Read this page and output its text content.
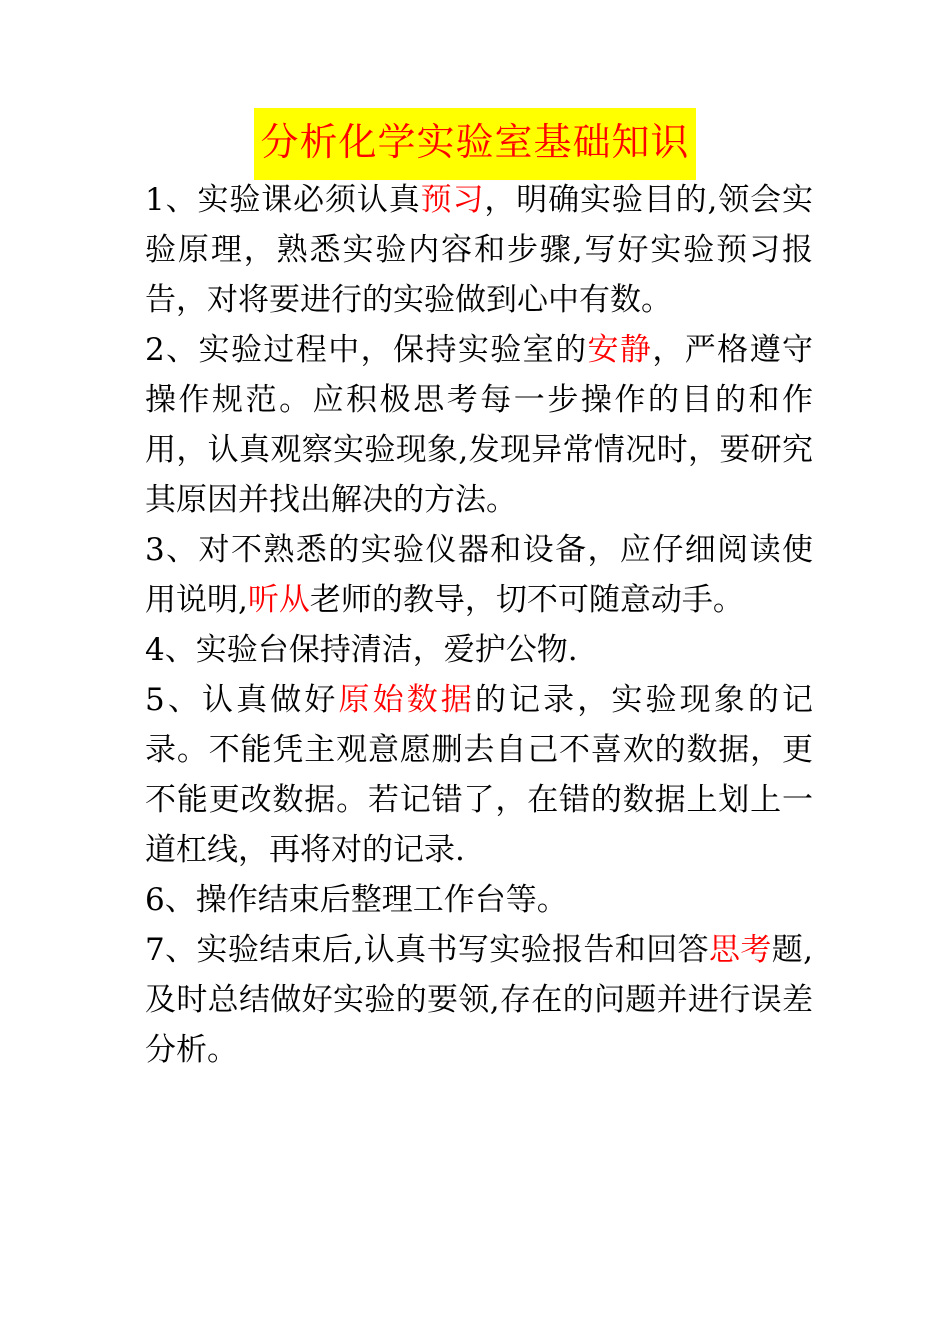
分析化学实验室基础知识

1、实验课必须认真预习，明确实验目的,领会实验原理，熟悉实验内容和步骤,写好实验预习报告，对将要进行的实验做到心中有数。

2、实验过程中，保持实验室的安静，严格遵守操作规范。应积极思考每一步操作的目的和作用，认真观察实验现象,发现异常情况时，要研究其原因并找出解决的方法。

3、对不熟悉的实验仪器和设备，应仔细阅读使用说明,听从老师的教导，切不可随意动手。

4、实验台保持清洁，爱护公物.

5、认真做好原始数据的记录，实验现象的记录。不能凭主观意愿删去自己不喜欢的数据，更不能更改数据。若记错了，在错的数据上划上一道杠线，再将对的记录.

6、操作结束后整理工作台等。

7、实验结束后,认真书写实验报告和回答思考题,及时总结做好实验的要领,存在的问题并进行误差分析。
